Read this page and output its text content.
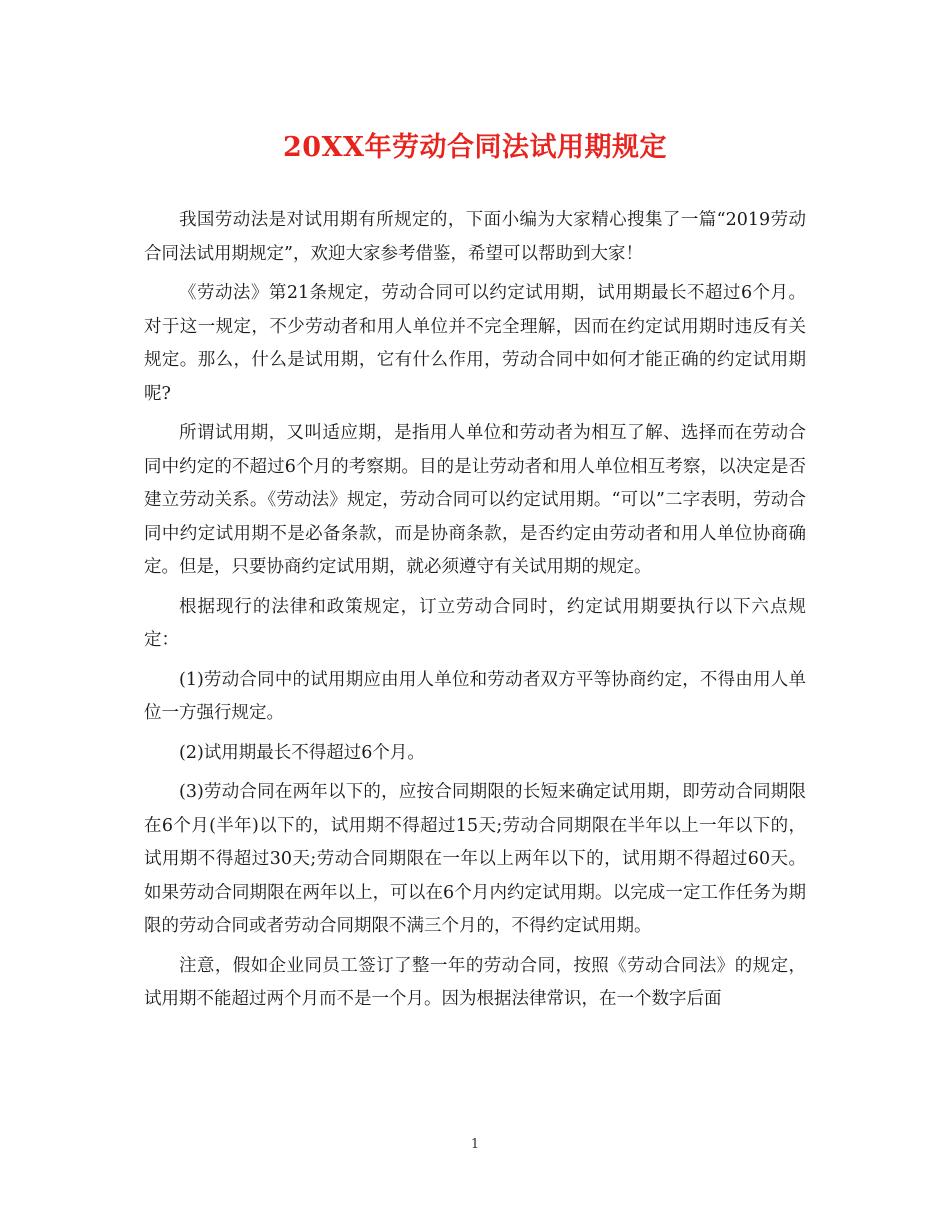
20XX年劳动合同法试用期规定

我国劳动法是对试用期有所规定的，下面小编为大家精心搜集了一篇“2019劳动合同法试用期规定”，欢迎大家参考借鉴，希望可以帮助到大家！

《劳动法》第21条规定，劳动合同可以约定试用期，试用期最长不超过6个月。对于这一规定，不少劳动者和用人单位并不完全理解，因而在约定试用期时违反有关规定。那么，什么是试用期，它有什么作用，劳动合同中如何才能正确的约定试用期呢?

所谓试用期，又叫适应期，是指用人单位和劳动者为相互了解、选择而在劳动合同中约定的不超过6个月的考察期。目的是让劳动者和用人单位相互考察，以决定是否建立劳动关系。《劳动法》规定，劳动合同可以约定试用期。“可以”二字表明，劳动合同中约定试用期不是必备条款，而是协商条款，是否约定由劳动者和用人单位协商确定。但是，只要协商约定试用期，就必须遵守有关试用期的规定。

根据现行的法律和政策规定，订立劳动合同时，约定试用期要执行以下六点规定：

(1)劳动合同中的试用期应由用人单位和劳动者双方平等协商约定，不得由用人单位一方强行规定。

(2)试用期最长不得超过6个月。

(3)劳动合同在两年以下的，应按合同期限的长短来确定试用期，即劳动合同期限在6个月(半年)以下的，试用期不得超过15天;劳动合同期限在半年以上一年以下的，试用期不得超过30天;劳动合同期限在一年以上两年以下的，试用期不得超过60天。如果劳动合同期限在两年以上，可以在6个月内约定试用期。以完成一定工作任务为期限的劳动合同或者劳动合同期限不满三个月的，不得约定试用期。

注意，假如企业同员工签订了整一年的劳动合同，按照《劳动合同法》的规定，试用期不能超过两个月而不是一个月。因为根据法律常识，在一个数字后面

1
